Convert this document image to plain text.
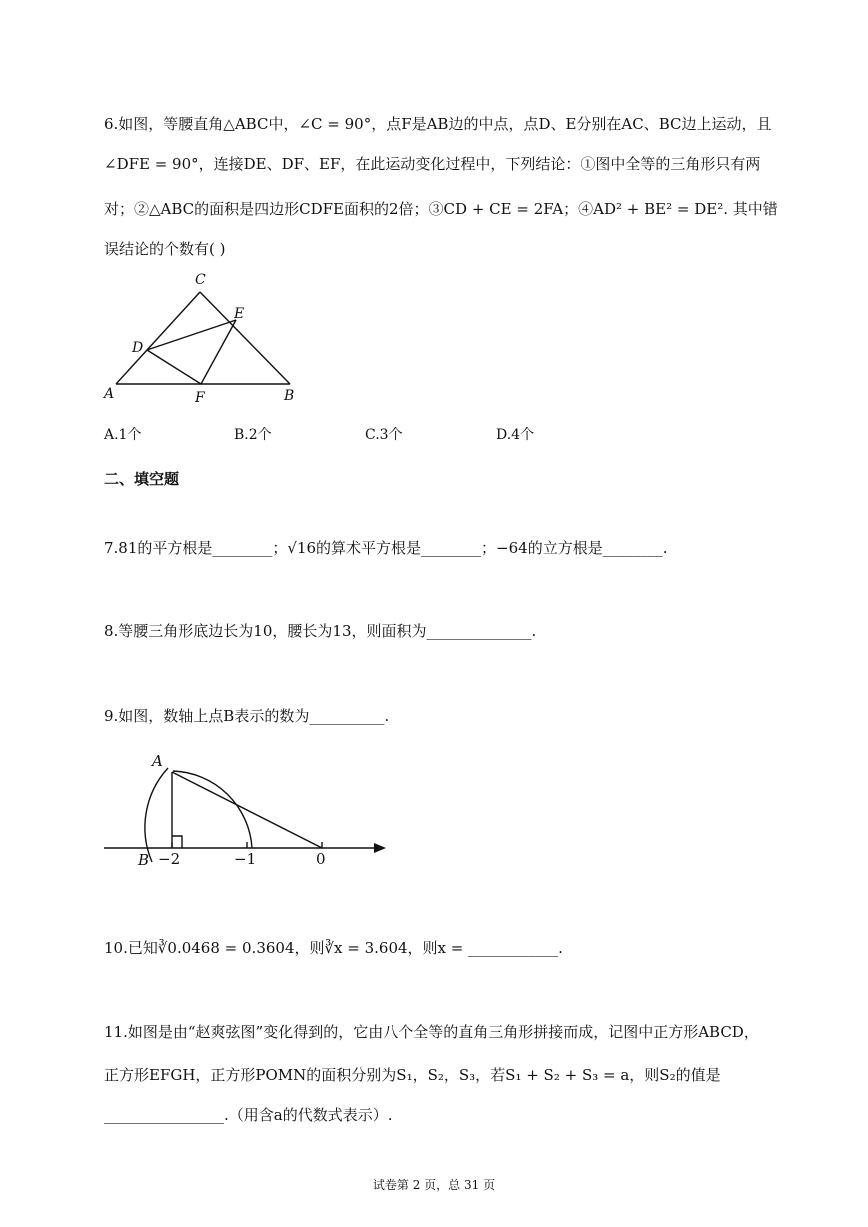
6.如图，等腰直角△ABC中，∠C = 90°，点F是AB边的中点，点D、E分别在AC、BC边上运动，且
∠DFE = 90°，连接DE、DF、EF，在此运动变化过程中，下列结论：①图中全等的三角形只有两
对；②△ABC的面积是四边形CDFE面积的2倍；③CD + CE = 2FA；④AD² + BE² = DE². 其中错
误结论的个数有( )
C
E
D
A	F	B
A.1个	B.2个	C.3个	D.4个
二、填空题
7.81的平方根是________；√16的算术平方根是________；−64的立方根是________.
8.等腰三角形底边长为10，腰长为13，则面积为______________.
9.如图，数轴上点B表示的数为__________.
A
B −2	−1	0
10.已知∛0.0468 = 0.3604，则∛x = 3.604，则x = ____________.
11.如图是由“赵爽弦图”变化得到的，它由八个全等的直角三角形拼接而成，记图中正方形ABCD，
正方形EFGH，正方形POMN的面积分别为S₁，S₂，S₃，若S₁ + S₂ + S₃ = a，则S₂的值是
________________.（用含a的代数式表示）.
试卷第 2 页，总 31 页
